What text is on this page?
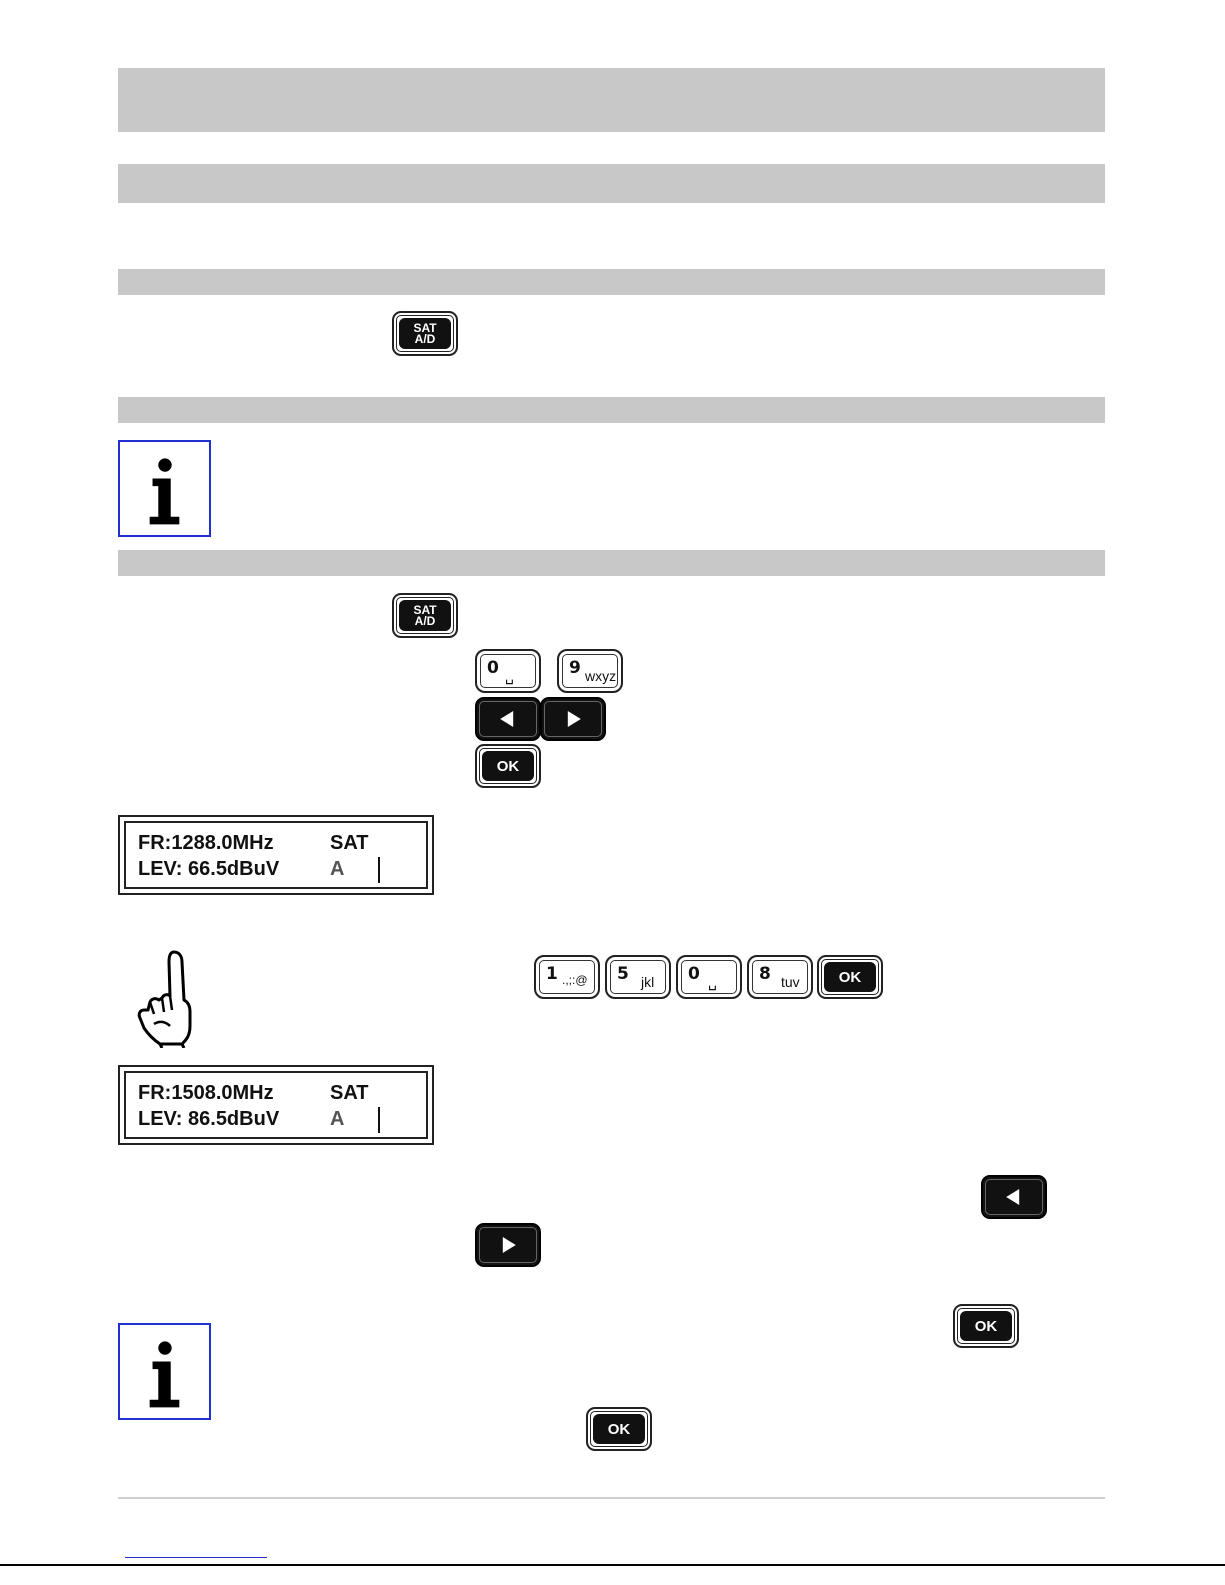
SAT
A/D
SAT
A/D
0 ␣	9 wxyz
OK
FR:1288.0MHz	SAT
LEV: 66.5dBuV	A
1 .,;:@ 5 jkl 0 ␣ 8 tuv	OK
FR:1508.0MHz	SAT
LEV: 86.5dBuV	A
OK
OK
